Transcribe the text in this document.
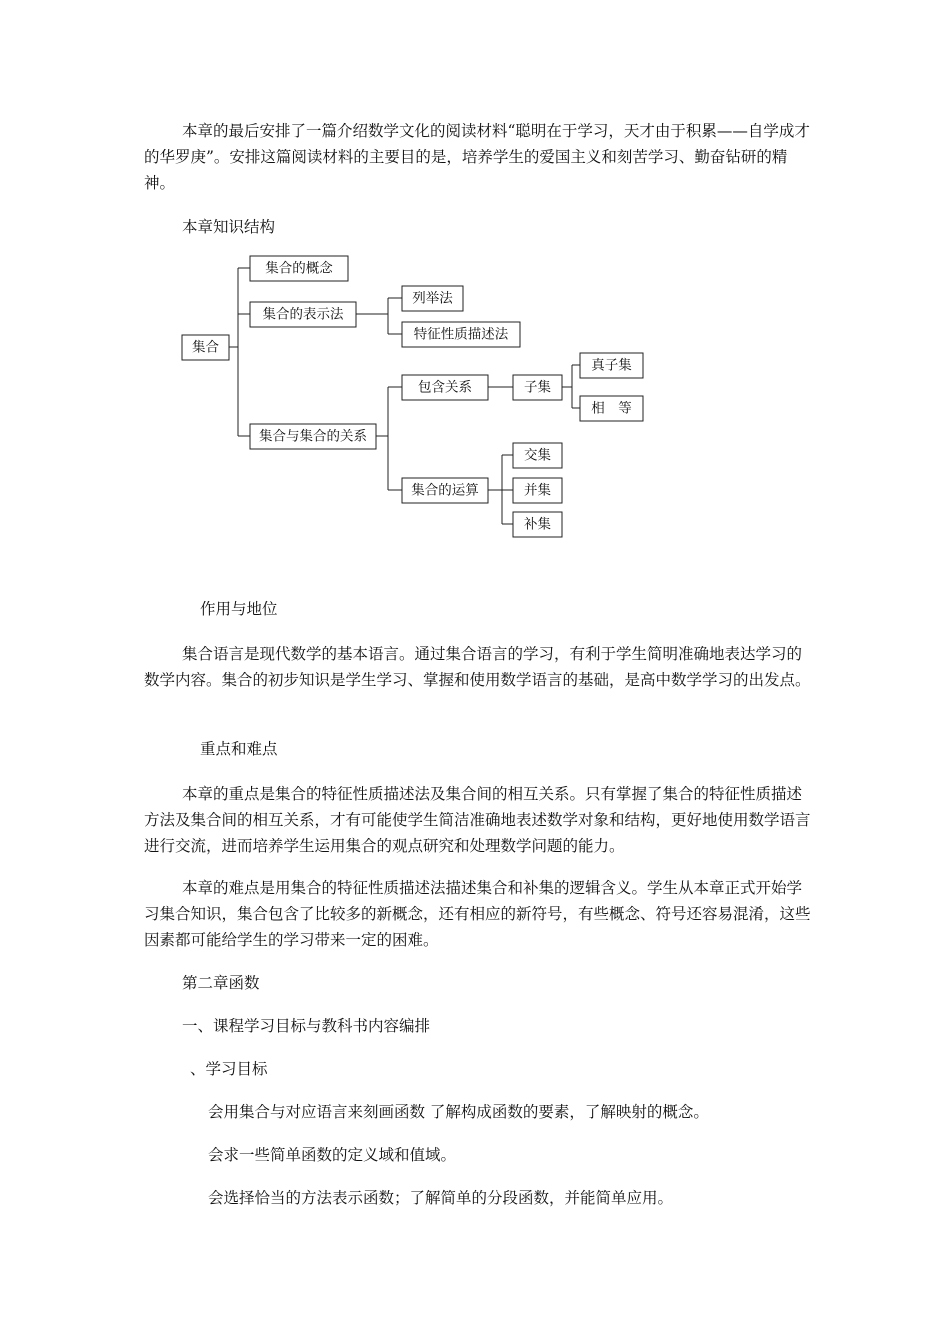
本章的最后安排了一篇介绍数学文化的阅读材料“聪明在于学习，天才由于积累——自学成才的华罗庚”。安排这篇阅读材料的主要目的是，培养学生的爱国主义和刻苦学习、勤奋钻研的精神。

本章知识结构

集合
集合的概念
集合的表示法
列举法
特征性质描述法
集合与集合的关系
包含关系	子集
真子集
相　等
集合的运算
交集
并集
补集

作用与地位

集合语言是现代数学的基本语言。通过集合语言的学习，有利于学生简明准确地表达学习的数学内容。集合的初步知识是学生学习、掌握和使用数学语言的基础，是高中数学学习的出发点。

重点和难点

本章的重点是集合的特征性质描述法及集合间的相互关系。只有掌握了集合的特征性质描述方法及集合间的相互关系，才有可能使学生简洁准确地表述数学对象和结构，更好地使用数学语言进行交流，进而培养学生运用集合的观点研究和处理数学问题的能力。

本章的难点是用集合的特征性质描述法描述集合和补集的逻辑含义。学生从本章正式开始学习集合知识，集合包含了比较多的新概念，还有相应的新符号，有些概念、符号还容易混淆，这些因素都可能给学生的学习带来一定的困难。

第二章函数

一、课程学习目标与教科书内容编排

、学习目标

会用集合与对应语言来刻画函数 了解构成函数的要素，了解映射的概念。

会求一些简单函数的定义域和值域。

会选择恰当的方法表示函数；了解简单的分段函数，并能简单应用。
